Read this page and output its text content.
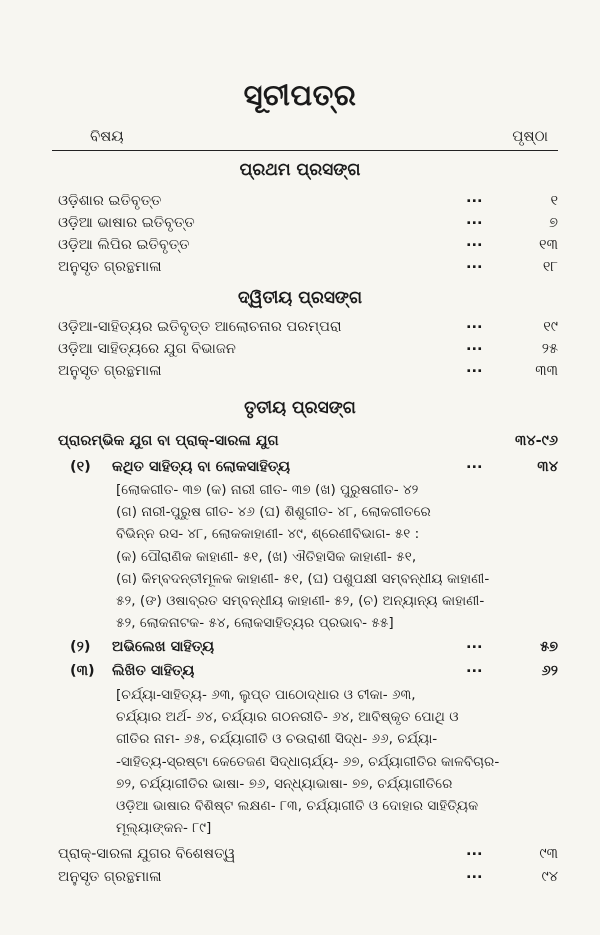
ସୂଚୀପତ୍ର
ବିଷୟ	ପୃଷ୍ଠା
ପ୍ରଥମ ପ୍ରସଙ୍ଗ
ଓଡ଼ିଶାର ଇତିବୃତ୍ତ	...	୧
ଓଡ଼ିଆ ଭାଷାର ଇତିବୃତ୍ତ	...	୭
ଓଡ଼ିଆ ଲିପିର ଇତିବୃତ୍ତ	...	୧୩
ଅନୁସୃତ ଗ୍ରନ୍ଥମାଳା	...	୧୮
ଦ୍ୱିତୀୟ ପ୍ରସଙ୍ଗ
ଓଡ଼ିଆ-ସାହିତ୍ୟର ଇତିବୃତ୍ତ ଆଲୋଚନାର ପରମ୍ପରା	...	୧୯
ଓଡ଼ିଆ ସାହିତ୍ୟରେ ଯୁଗ ବିଭାଜନ	...	୨୫
ଅନୁସୃତ ଗ୍ରନ୍ଥମାଳା	...	୩୩
ତୃତୀୟ ପ୍ରସଙ୍ଗ
ପ୍ରାରମ୍ଭିକ ଯୁଗ ବା ପ୍ରାକ୍-ସାରଳା ଯୁଗ	୩୪-୯୬
(୧) କଥିତ ସାହିତ୍ୟ ବା ଲୋକସାହିତ୍ୟ	...	୩୪
[ଲୋକଗୀତ- ୩୭ (କ) ନାରୀ ଗୀତ- ୩୭ (ଖ) ପୁରୁଷଗୀତ- ୪୨
(ଗ) ନାରୀ-ପୁରୁଷ ଗୀତ- ୪୬ (ଘ) ଶିଶୁଗୀତ- ୪୮, ଲୋକଗୀତରେ
ବିଭିନ୍ନ ରସ- ୪୮, ଲୋକକାହାଣୀ- ୪୯, ଶ୍ରେଣୀବିଭାଗ- ୫୧ :
(କ) ପୌରାଣିକ କାହାଣୀ- ୫୧, (ଖ) ଐତିହାସିକ କାହାଣୀ- ୫୧,
(ଗ) କିମ୍ବଦନ୍ତୀମୂଳକ କାହାଣୀ- ୫୧, (ଘ) ପଶୁପକ୍ଷୀ ସମ୍ବନ୍ଧୀୟ କାହାଣୀ-
୫୨, (ଙ) ଓଷାବ୍ରତ ସମ୍ବନ୍ଧୀୟ କାହାଣୀ- ୫୨, (ଚ) ଅନ୍ୟାନ୍ୟ କାହାଣୀ-
୫୨, ଲୋକନାଟକ- ୫୪, ଲୋକସାହିତ୍ୟର ପ୍ରଭାବ- ୫୫]
(୨) ଅଭିଲେଖ ସାହିତ୍ୟ	...	୫୭
(୩) ଲିଖିତ ସାହିତ୍ୟ	...	୬୨
[ଚର୍ଯ୍ୟା-ସାହିତ୍ୟ- ୬୩, ଲୁପ୍ତ ପାଠୋଦ୍ଧାର ଓ ଟୀକା- ୬୩,
ଚର୍ଯ୍ୟାର ଅର୍ଥ- ୬୪, ଚର୍ଯ୍ୟାର ଗଠନରୀତି- ୬୪, ଆବିଷ୍କୃତ ପୋଥି ଓ
ଗୀତିର ନାମ- ୬୫, ଚର୍ଯ୍ୟାଗୀତି ଓ ଚଉରାଶୀ ସିଦ୍ଧ- ୬୬, ଚର୍ଯ୍ୟା-
-ସାହିତ୍ୟ-ସ୍ରଷ୍ଟା କେତେଜଣ ସିଦ୍ଧାଚାର୍ଯ୍ୟ- ୬୭, ଚର୍ଯ୍ୟାଗୀତିର କାଳବିଚାର-
୭୨, ଚର୍ଯ୍ୟାଗୀତିର ଭାଷା- ୭୬, ସନ୍ଧ୍ୟାଭାଷା- ୭୭, ଚର୍ଯ୍ୟାଗୀତିରେ
ଓଡ଼ିଆ ଭାଷାର ବିଶିଷ୍ଟ ଲକ୍ଷଣ- ୮୩, ଚର୍ଯ୍ୟାଗୀତି ଓ ଦୋହାର ସାହିତ୍ୟିକ
ମୂଲ୍ୟାଙ୍କନ- ୮୯]
ପ୍ରାକ୍-ସାରଳା ଯୁଗର ବିଶେଷତ୍ୱ	...	୯୩
ଅନୁସୃତ ଗ୍ରନ୍ଥମାଳା	...	୯୪
